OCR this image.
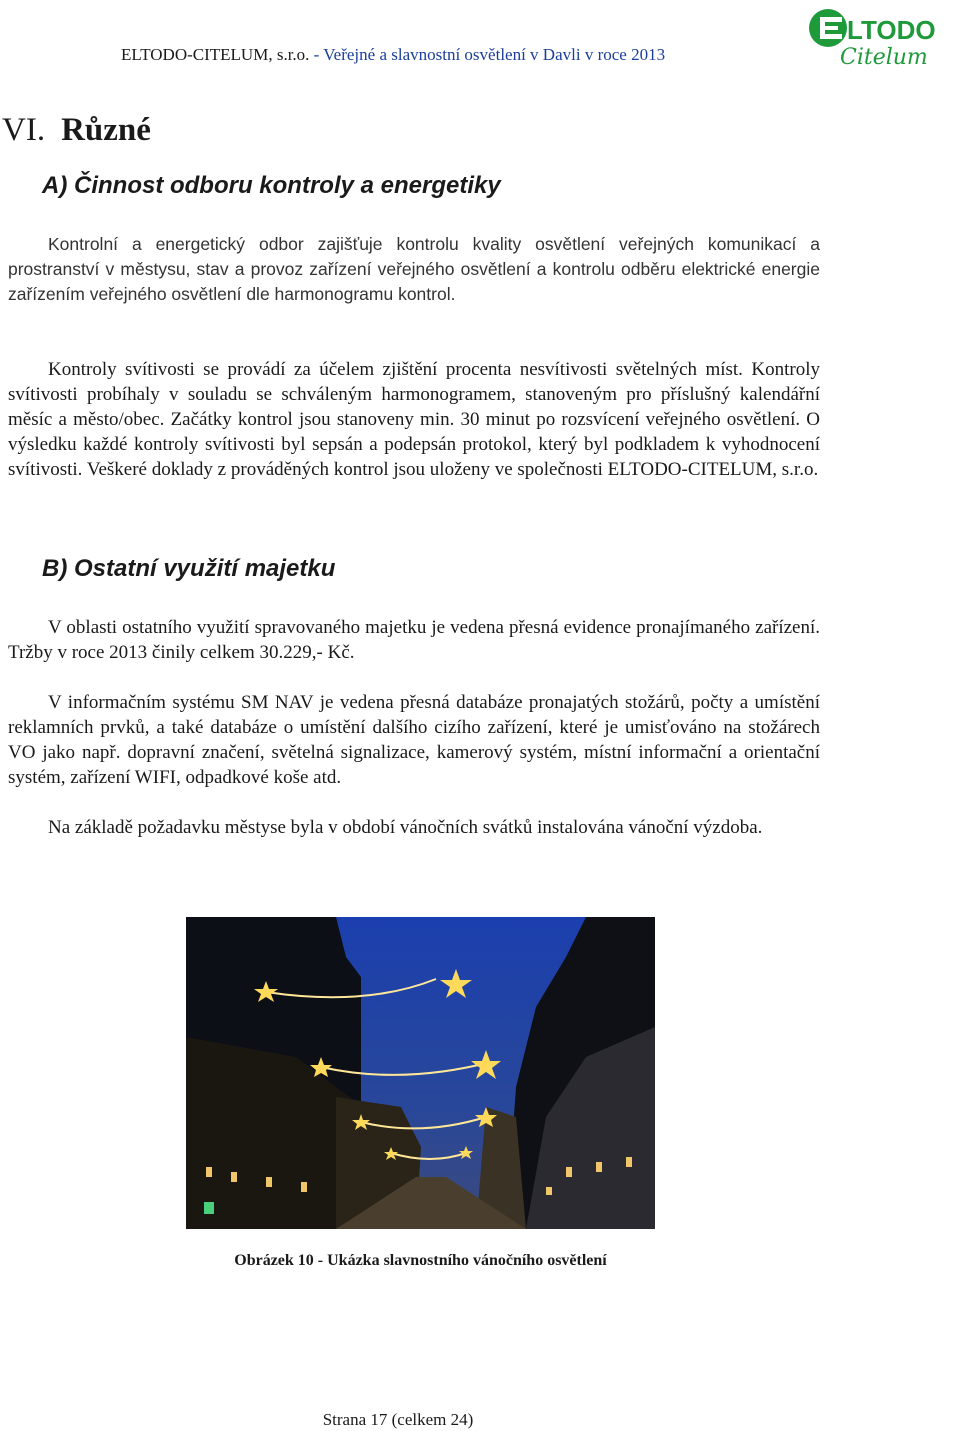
ELTODO-CITELUM, s.r.o. - Veřejné a slavnostní osvětlení v Davli v roce 2013
LTODO
Citelum
VI. Různé
A) Činnost odboru kontroly a energetiky

Kontrolní a energetický odbor zajišťuje kontrolu kvality osvětlení veřejných komunikací a prostranství v městysu, stav a provoz zařízení veřejného osvětlení a kontrolu odběru elektrické energie zařízením veřejného osvětlení dle harmonogramu kontrol.

Kontroly svítivosti se provádí za účelem zjištění procenta nesvítivosti světelných míst. Kontroly svítivosti probíhaly v souladu se schváleným harmonogramem, stanoveným pro příslušný kalendářní měsíc a město/obec. Začátky kontrol jsou stanoveny min. 30 minut po rozsvícení veřejného osvětlení. O výsledku každé kontroly svítivosti byl sepsán a podepsán protokol, který byl podkladem k vyhodnocení svítivosti. Veškeré doklady z prováděných kontrol jsou uloženy ve společnosti ELTODO-CITELUM, s.r.o.

B) Ostatní využití majetku

V oblasti ostatního využití spravovaného majetku je vedena přesná evidence pronajímaného zařízení. Tržby v roce 2013 činily celkem 30.229,- Kč.

V informačním systému SM NAV je vedena přesná databáze pronajatých stožárů, počty a umístění reklamních prvků, a také databáze o umístění dalšího cizího zařízení, které je umisťováno na stožárech VO jako např. dopravní značení, světelná signalizace, kamerový systém, místní informační a orientační systém, zařízení WIFI, odpadkové koše atd.

Na základě požadavku městyse byla v období vánočních svátků instalována vánoční výzdoba.

Obrázek 10 - Ukázka slavnostního vánočního osvětlení
Strana 17 (celkem 24)
